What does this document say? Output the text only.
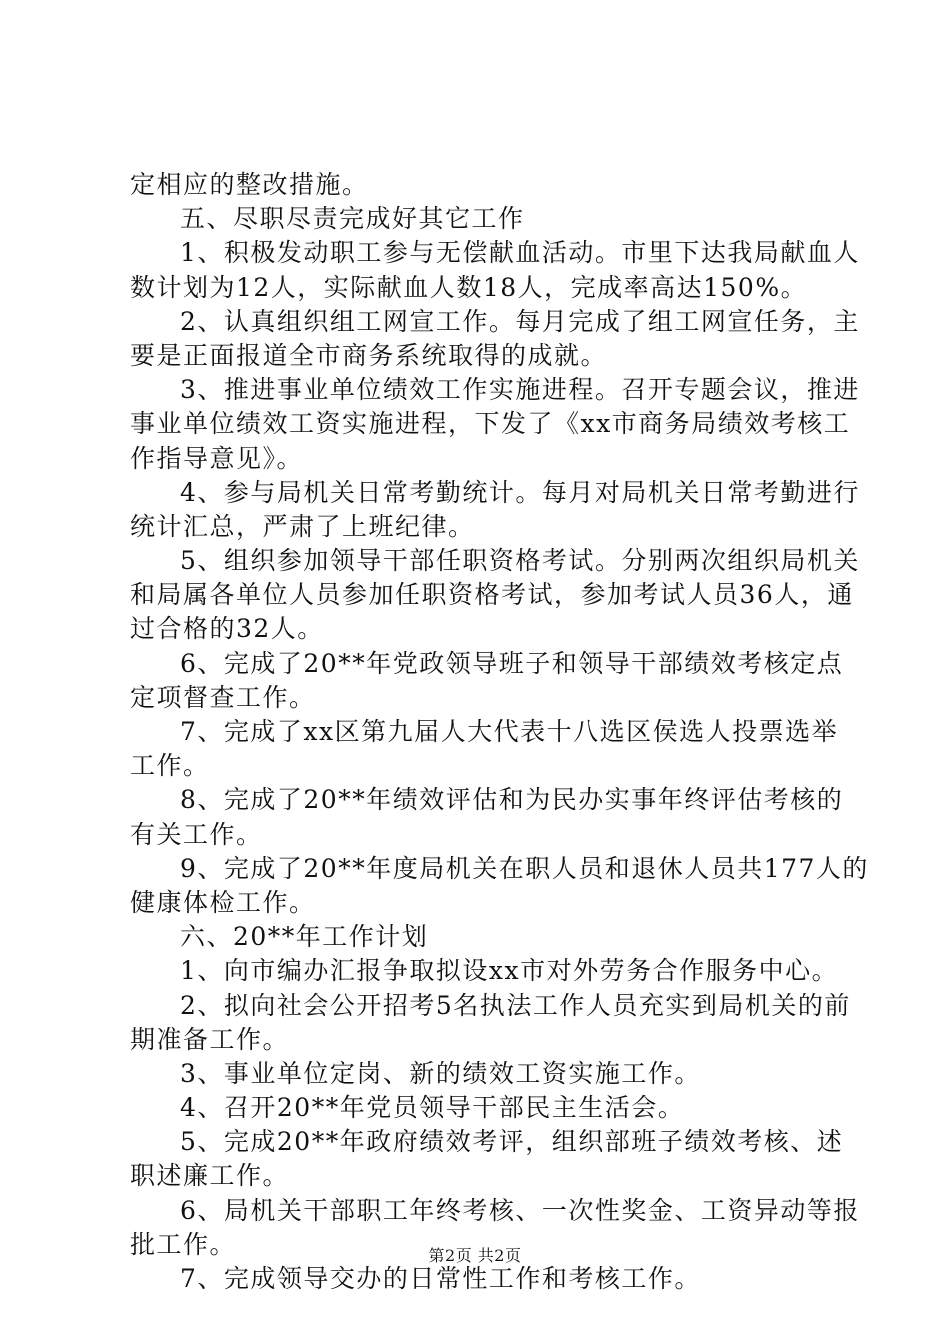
定相应的整改措施。
五、尽职尽责完成好其它工作
1、积极发动职工参与无偿献血活动。市里下达我局献血人
数计划为12人，实际献血人数18人，完成率高达150%。
2、认真组织组工网宣工作。每月完成了组工网宣任务，主
要是正面报道全市商务系统取得的成就。
3、推进事业单位绩效工作实施进程。召开专题会议，推进
事业单位绩效工资实施进程，下发了《xx市商务局绩效考核工
作指导意见》。
4、参与局机关日常考勤统计。每月对局机关日常考勤进行
统计汇总，严肃了上班纪律。
5、组织参加领导干部任职资格考试。分别两次组织局机关
和局属各单位人员参加任职资格考试，参加考试人员36人，通
过合格的32人。
6、完成了20**年党政领导班子和领导干部绩效考核定点
定项督查工作。
7、完成了xx区第九届人大代表十八选区侯选人投票选举
工作。
8、完成了20**年绩效评估和为民办实事年终评估考核的
有关工作。
9、完成了20**年度局机关在职人员和退休人员共177人的
健康体检工作。
六、20**年工作计划
1、向市编办汇报争取拟设xx市对外劳务合作服务中心。
2、拟向社会公开招考5名执法工作人员充实到局机关的前
期准备工作。
3、事业单位定岗、新的绩效工资实施工作。
4、召开20**年党员领导干部民主生活会。
5、完成20**年政府绩效考评，组织部班子绩效考核、述
职述廉工作。
6、局机关干部职工年终考核、一次性奖金、工资异动等报
批工作。
7、完成领导交办的日常性工作和考核工作。
第2页 共2页
